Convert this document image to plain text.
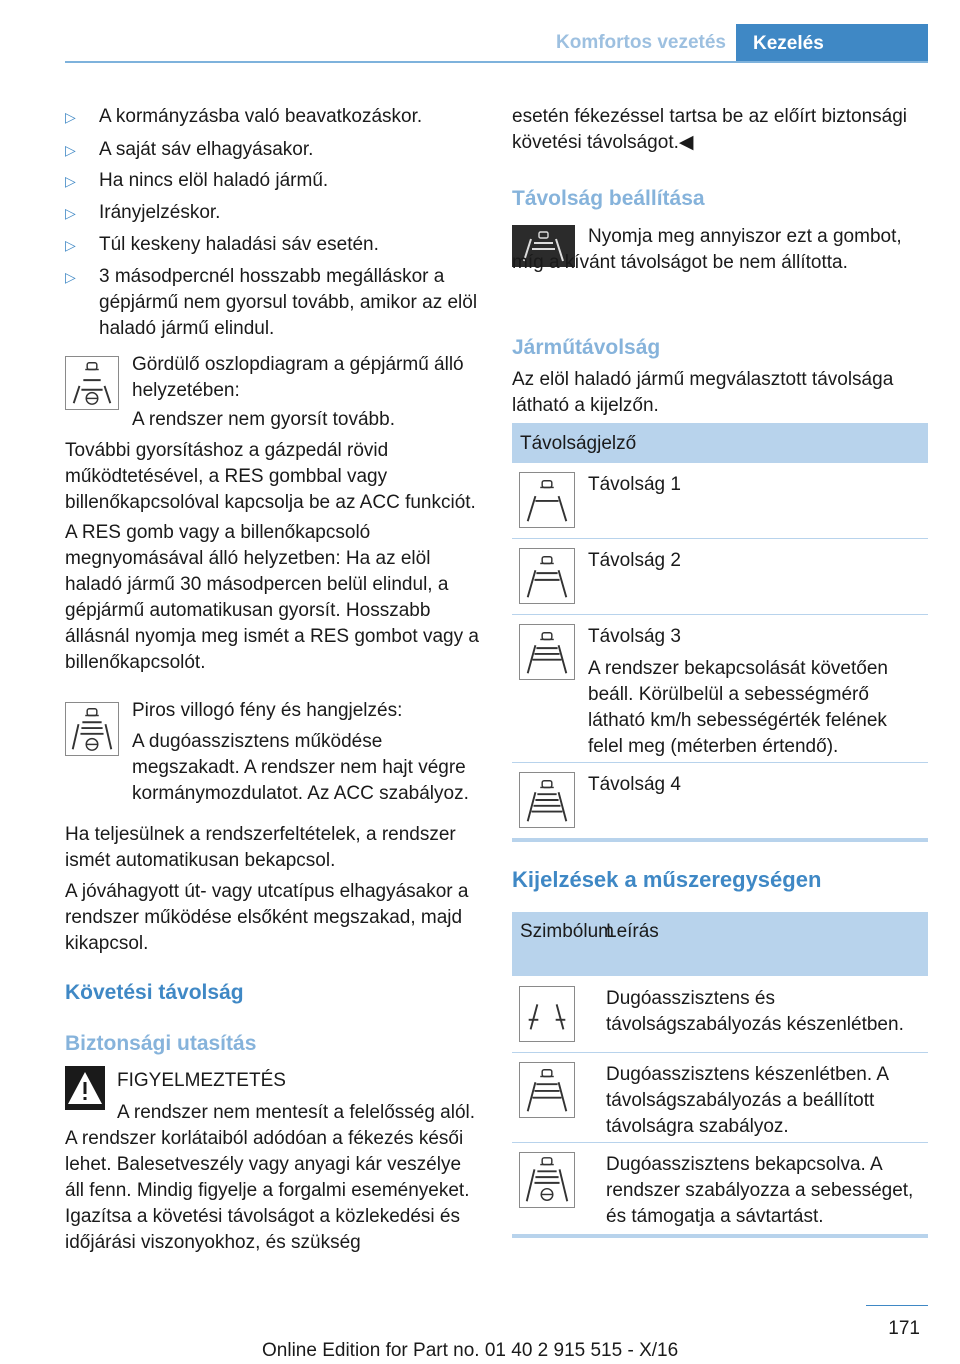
Komfortos vezetés	Kezelés
▷ A kormányzásba való beavatkozáskor.
▷ A saját sáv elhagyásakor.
▷ Ha nincs elöl haladó jármű.
▷ Irányjelzéskor.
▷ Túl keskeny haladási sáv esetén.
▷ 3 másodpercnél hosszabb megálláskor a gépjármű nem gyorsul tovább, amikor az elöl haladó jármű elindul.
Gördülő oszlopdiagram a gépjármű álló helyzetében:
A rendszer nem gyorsít tovább.
További gyorsításhoz a gázpedál rövid működtetésével, a RES gombbal vagy billenőkapcsolóval kapcsolja be az ACC funkciót.
A RES gomb vagy a billenőkapcsoló megnyomásával álló helyzetben: Ha az elöl haladó jármű 30 másodpercen belül elindul, a gépjármű automatikusan gyorsít. Hosszabb állásnál nyomja meg ismét a RES gombot vagy a billenőkapcsolót.
Piros villogó fény és hangjelzés:
A dugóasszisztens működése megszakadt. A rendszer nem hajt végre kormánymozdulatot. Az ACC szabályoz.
Ha teljesülnek a rendszerfeltételek, a rendszer ismét automatikusan bekapcsol.
A jóváhagyott út- vagy utcatípus elhagyásakor a rendszer működése elsőként megszakad, majd kikapcsol.
Követési távolság
Biztonsági utasítás
FIGYELMEZTETÉS
A rendszer nem mentesít a felelősség alól. A rendszer korlátaiból adódóan a fékezés késői lehet. Balesetveszély vagy anyagi kár veszélye áll fenn. Mindig figyelje a forgalmi eseményeket. Igazítsa a követési távolságot a közlekedési és időjárási viszonyokhoz, és szükség
esetén fékezéssel tartsa be az előírt biztonsági követési távolságot.◀
Távolság beállítása
Nyomja meg annyiszor ezt a gombot, míg a kívánt távolságot be nem állította.
Járműtávolság
Az elöl haladó jármű megválasztott távolsága látható a kijelzőn.
Távolságjelző
Távolság 1
Távolság 2
Távolság 3
A rendszer bekapcsolását követően beáll. Körülbelül a sebességmérő látható km/h sebességérték felének felel meg (méterben értendő).
Távolság 4
Kijelzések a műszeregységen
Szimbólum
Leírás
Dugóasszisztens és távolságszabályozás készenlétben.
Dugóasszisztens készenlétben. A távolságszabályozás a beállított távolságra szabályoz.
Dugóasszisztens bekapcsolva. A rendszer szabályozza a sebességet, és támogatja a sávtartást.
171
Online Edition for Part no. 01 40 2 915 515 - X/16
